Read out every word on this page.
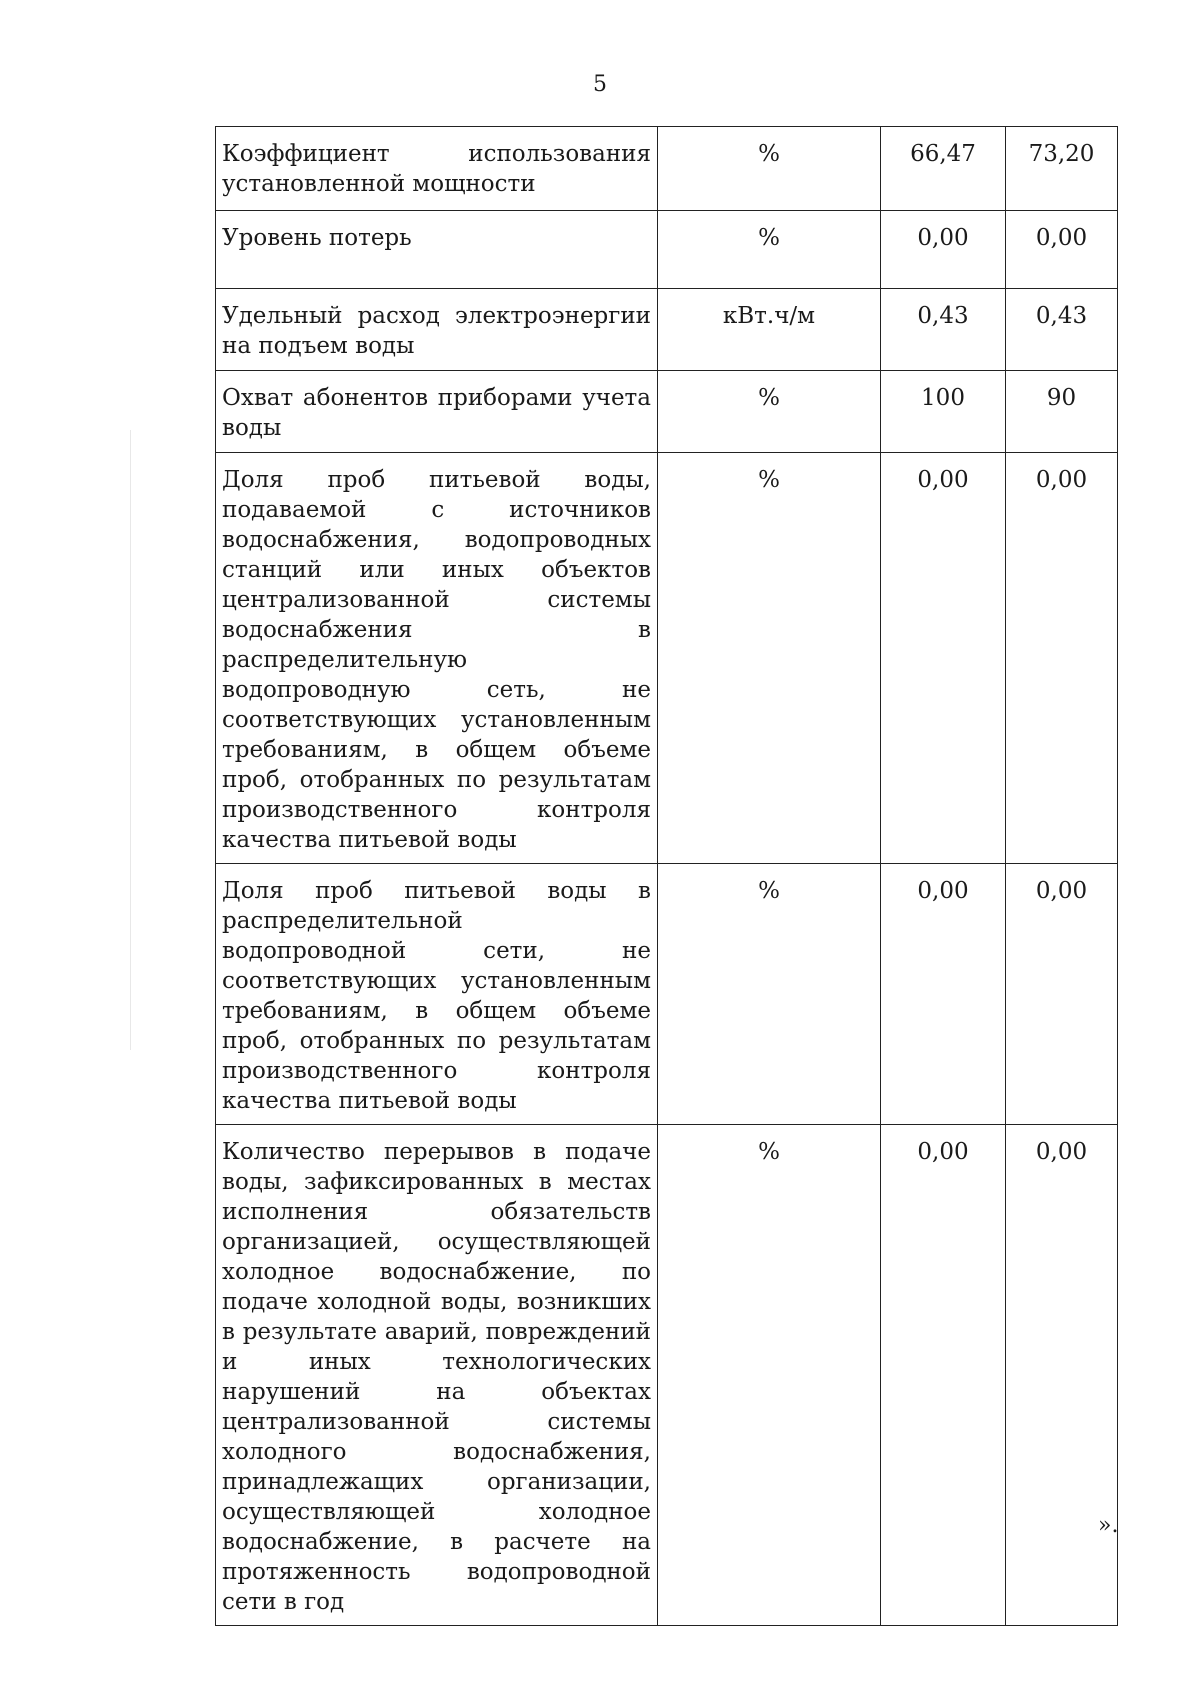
5
Коэффициент использования установленной мощности	%	66,47	73,20
Уровень потерь	%	0,00	0,00
Удельный расход электроэнергии на подъем воды	кВт.ч/м	0,43	0,43
Охват абонентов приборами учета воды	%	100	90
Доля проб питьевой воды, подаваемой с источников водоснабжения, водопроводных станций или иных объектов централизованной системы водоснабжения в распределительную водопроводную сеть, не соответствующих установленным требованиям, в общем объеме проб, отобранных по результатам производственного контроля качества питьевой воды	%	0,00	0,00
Доля проб питьевой воды в распределительной водопроводной сети, не соответствующих установленным требованиям, в общем объеме проб, отобранных по результатам производственного контроля качества питьевой воды	%	0,00	0,00
Количество перерывов в подаче воды, зафиксированных в местах исполнения обязательств организацией, осуществляющей холодное водоснабжение, по подаче холодной воды, возникших в результате аварий, повреждений и иных технологических нарушений на объектах централизованной системы холодного водоснабжения, принадлежащих организации, осуществляющей холодное водоснабжение, в расчете на протяженность водопроводной сети в год	%	0,00	0,00
».
